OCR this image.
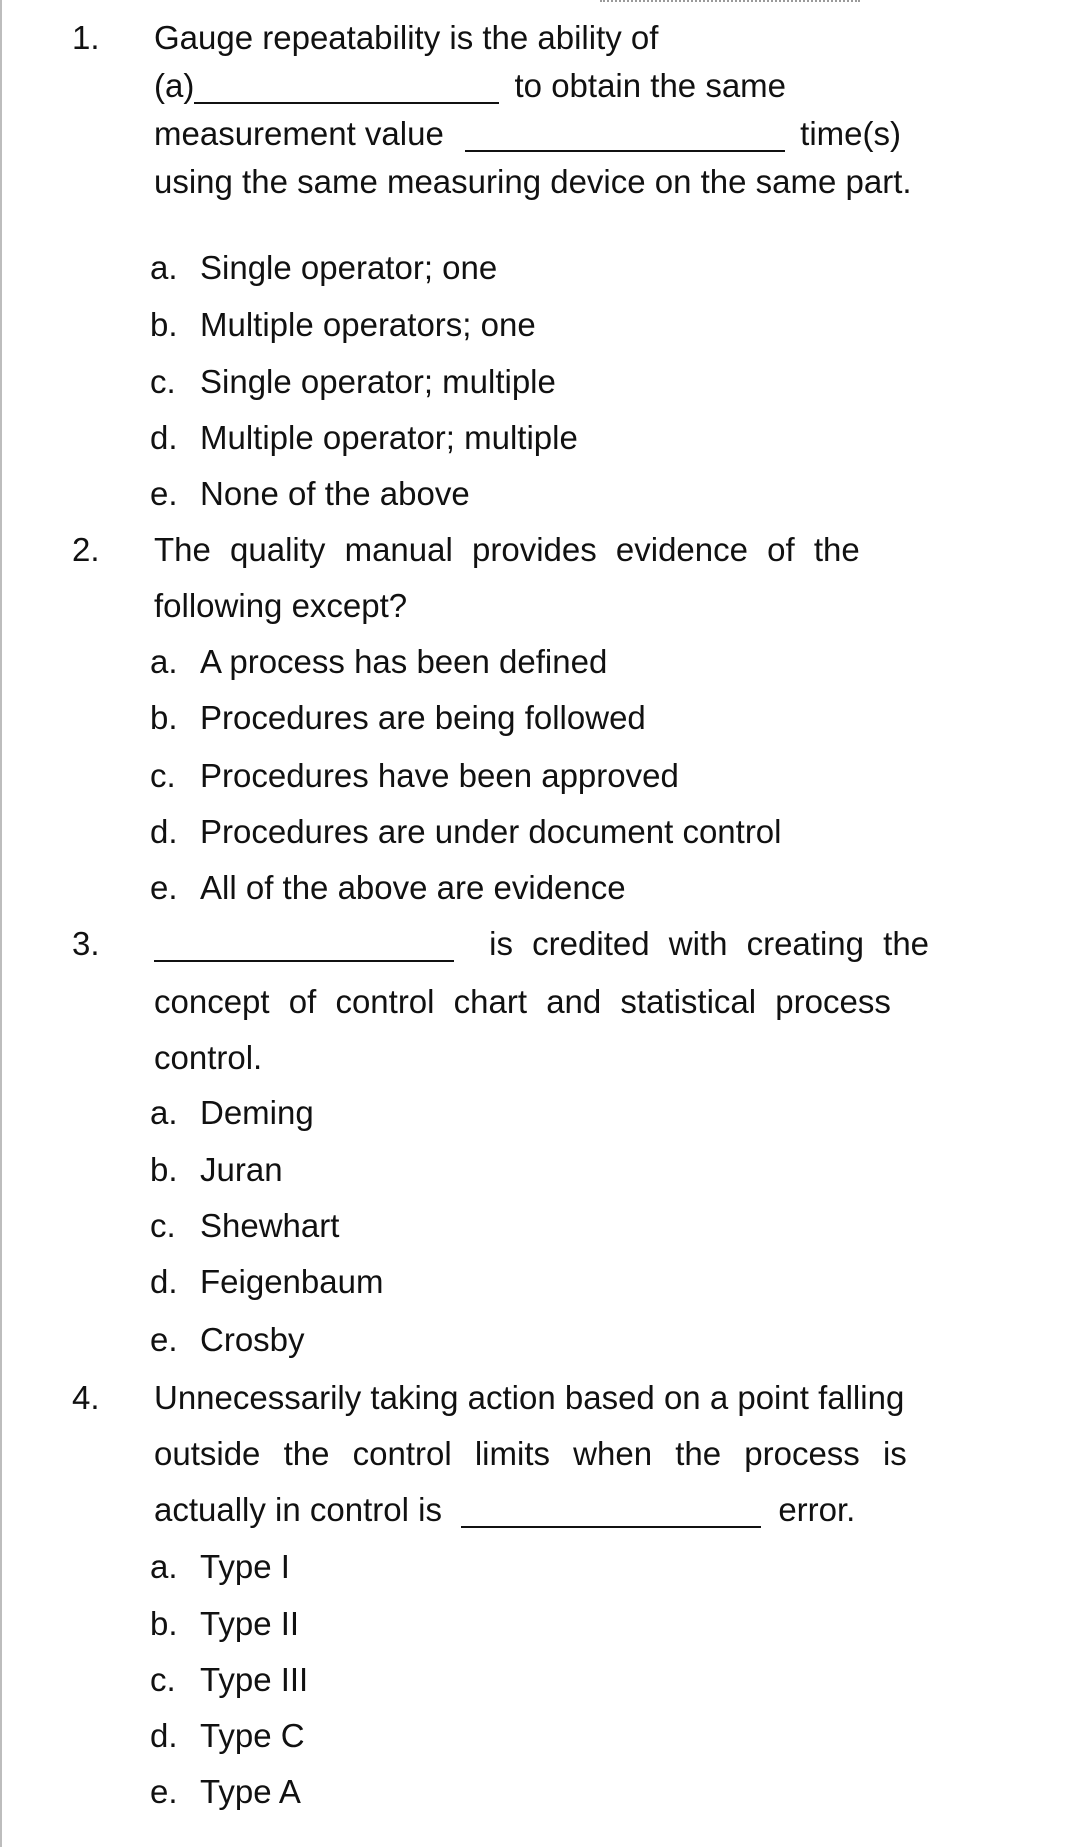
1. Gauge repeatability is the ability of
(a)	to obtain the same
measurement value	time(s)
using the same measuring device on the same part.
a. Single operator; one
b. Multiple operators; one
c. Single operator; multiple
d. Multiple operator; multiple
e. None of the above
2. The quality manual provides evidence of the
following except?
a. A process has been defined
b. Procedures are being followed
c. Procedures have been approved
d. Procedures are under document control
e. All of the above are evidence
3.	is credited with creating the
concept of control chart and statistical process
control.
a. Deming
b. Juran
c. Shewhart
d. Feigenbaum
e. Crosby
4. Unnecessarily taking action based on a point falling
outside the control limits when the process is
actually in control is	error.
a. Type I
b. Type II
c. Type III
d. Type C
e. Type A
